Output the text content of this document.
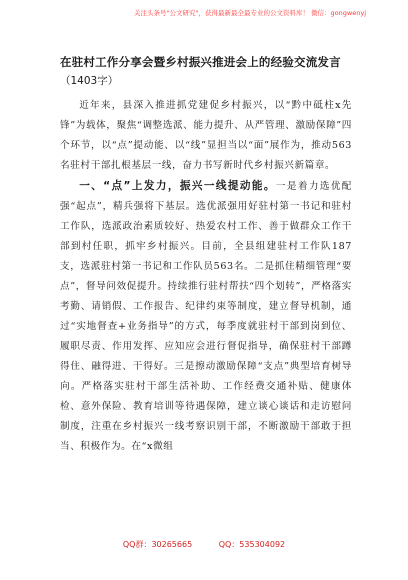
关注头条号"公文研究"，获得最新最全最专业的公文资料库！ 微信：gongwenyj
在驻村工作分享会暨乡村振兴推进会上的经验交流发言
（1403字）

近年来，县深入推进抓党建促乡村振兴，以“黔中砥柱x先锋”为载体，聚焦“调整选派、能力提升、从严管理、激励保障”四个环节，以“点”提动能、以“线”显担当以“面”展作为，推动563名驻村干部扎根基层一线，奋力书写新时代乡村振兴新篇章。

一、“点”上发力，振兴一线提动能。一是着力选优配强“起点”，精兵强将下基层。选优派强用好驻村第一书记和驻村工作队，选派政治素质较好、热爱农村工作、善于做群众工作干部到村任职，抓牢乡村振兴。目前，全县组建驻村工作队187支，选派驻村第一书记和工作队员563名。二是抓住精细管理“要点”，督导问效促提升。持续推行驻村帮扶“四个划转”，严格落实考勤、请销假、工作报告、纪律约束等制度，建立督导机制，通过“实地督查+业务指导”的方式，每季度就驻村干部到岗到位、履职尽责、作用发挥、应知应会进行督促指导，确保驻村干部蹲得住、融得进、干得好。三是擦动激励保障“支点”典型培育树导向。严格落实驻村干部生活补助、工作经费交通补贴、健康体检、意外保险、教育培训等待遇保障，建立谈心谈话和走访慰问制度，注重在乡村振兴一线考察识别干部，不断激励干部敢于担当、积极作为。在“x微组

QQ群：30265665	QQ：535304092
